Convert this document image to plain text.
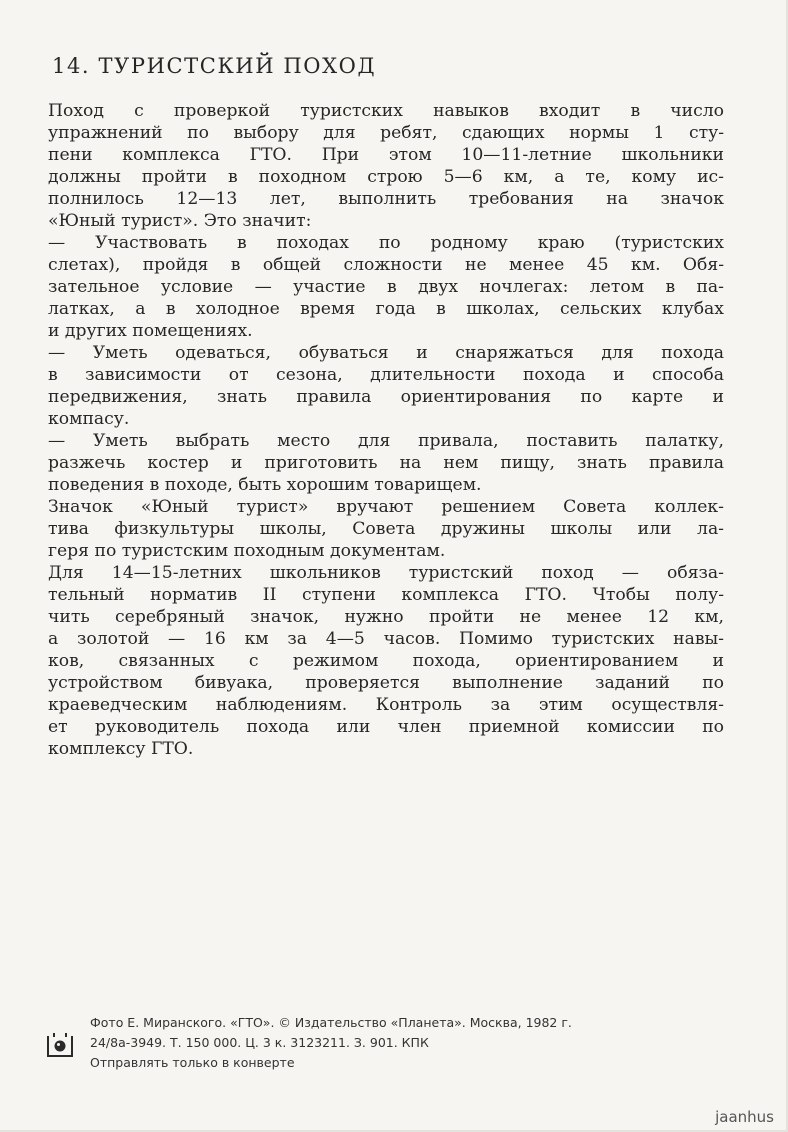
14. ТУРИСТСКИЙ ПОХОД
Поход с проверкой туристских навыков входит в число
упражнений по выбору для ребят, сдающих нормы 1 сту-
пени комплекса ГТО. При этом 10—11-летние школьники
должны пройти в походном строю 5—6 км, а те, кому ис-
полнилось 12—13 лет, выполнить требования на значок
«Юный турист». Это значит:
— Участвовать в походах по родному краю (туристских
слетах), пройдя в общей сложности не менее 45 км. Обя-
зательное условие — участие в двух ночлегах: летом в па-
латках, а в холодное время года в школах, сельских клубах
и других помещениях.
— Уметь одеваться, обуваться и снаряжаться для похода
в зависимости от сезона, длительности похода и способа
передвижения, знать правила ориентирования по карте и
компасу.
— Уметь выбрать место для привала, поставить палатку,
разжечь костер и приготовить на нем пищу, знать правила
поведения в походе, быть хорошим товарищем.
Значок «Юный турист» вручают решением Совета коллек-
тива физкультуры школы, Совета дружины школы или ла-
геря по туристским походным документам.
Для 14—15-летних школьников туристский поход — обяза-
тельный норматив II ступени комплекса ГТО. Чтобы полу-
чить серебряный значок, нужно пройти не менее 12 км,
а золотой — 16 км за 4—5 часов. Помимо туристских навы-
ков, связанных с режимом похода, ориентированием и
устройством бивуака, проверяется выполнение заданий по
краеведческим наблюдениям. Контроль за этим осуществля-
ет руководитель похода или член приемной комиссии по
комплексу ГТО.
Фото Е. Миранского. «ГТО». © Издательство «Планета». Москва, 1982 г.
24/8а-3949. Т. 150 000. Ц. 3 к. 3123211. З. 901. КПК
Отправлять только в конверте
jaanhus
